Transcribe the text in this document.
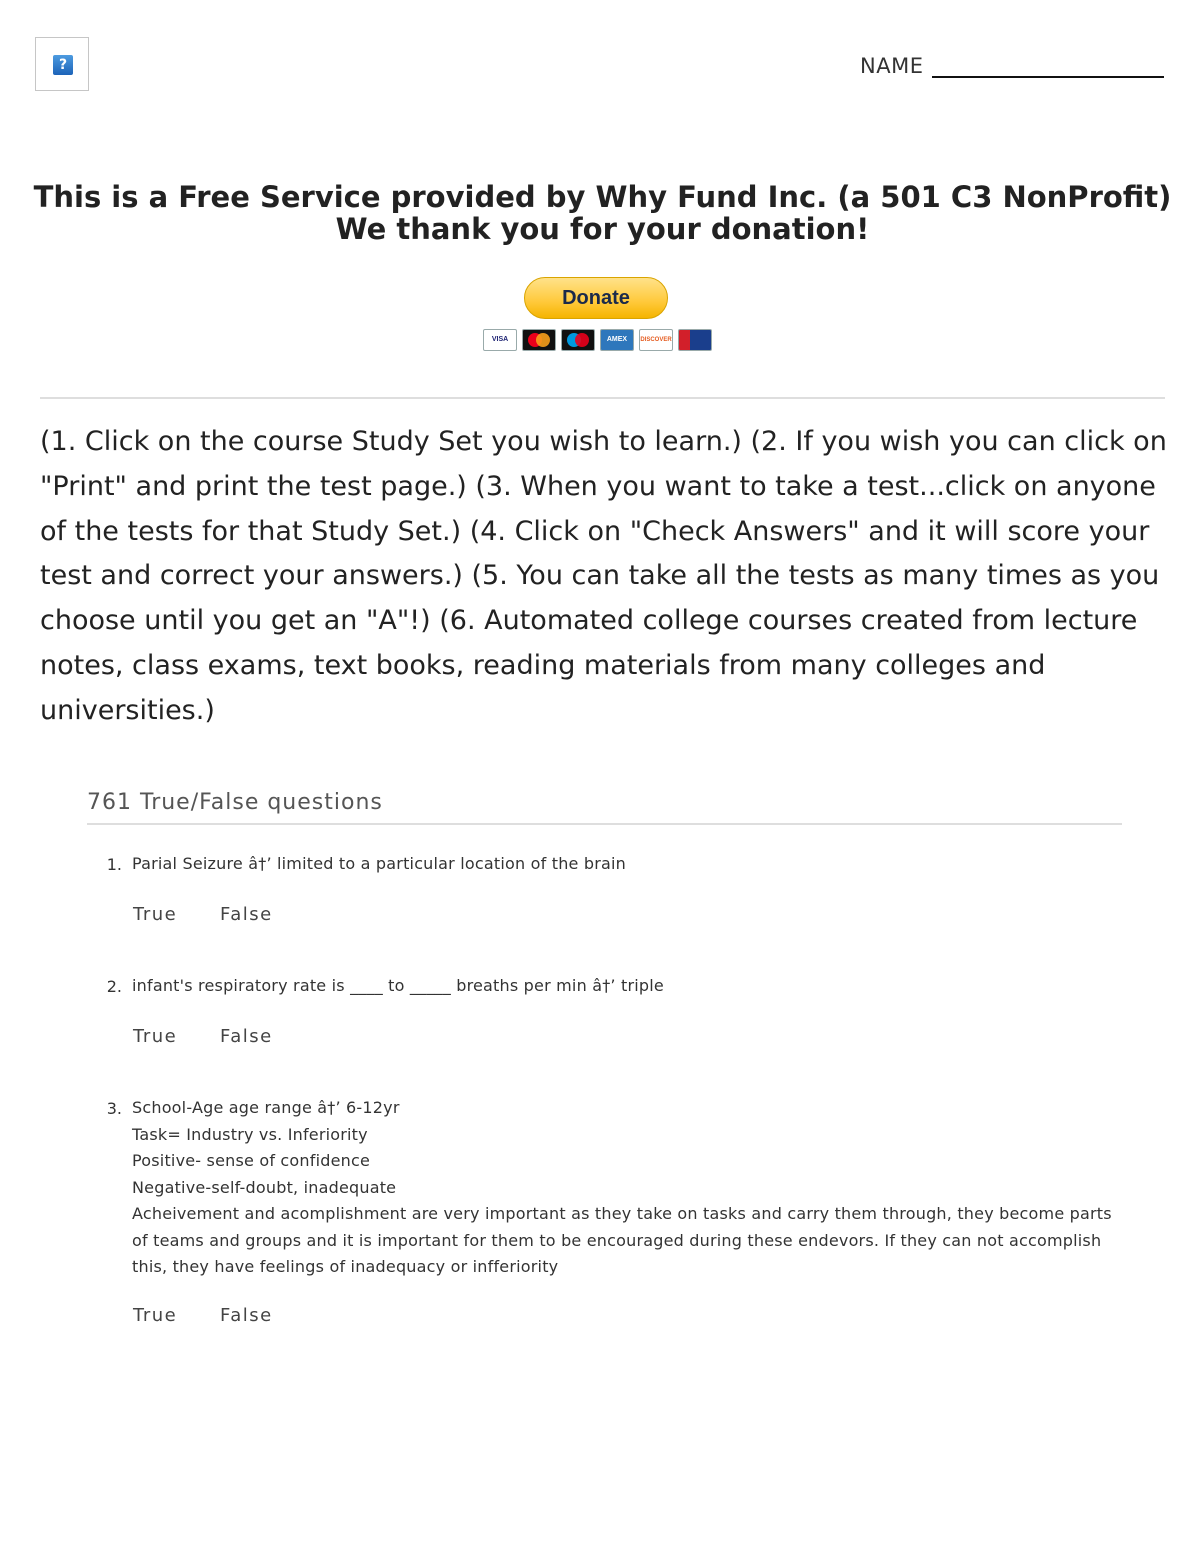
?	NAME
This is a Free Service provided by Why Fund Inc. (a 501 C3 NonProfit)
We thank you for your donation!
Donate
VISA	AMEX	DISCOVER

(1. Click on the course Study Set you wish to learn.) (2. If you wish you can click on "Print" and print the test page.) (3. When you want to take a test...click on anyone of the tests for that Study Set.) (4. Click on "Check Answers" and it will score your test and correct your answers.) (5. You can take all the tests as many times as you choose until you get an "A"!) (6. Automated college courses created from lecture notes, class exams, text books, reading materials from many colleges and universities.)

761 True/False questions
1. Parial Seizure â†’ limited to a particular location of the brain
True False
2. infant's respiratory rate is ____ to _____ breaths per min â†’ triple
True False
3. School-Age age range â†’ 6-12yr
Task= Industry vs. Inferiority
Positive- sense of confidence
Negative-self-doubt, inadequate
Acheivement and acomplishment are very important as they take on tasks and carry them through, they become parts
of teams and groups and it is important for them to be encouraged during these endevors. If they can not accomplish
this, they have feelings of inadequacy or infferiority
True False
